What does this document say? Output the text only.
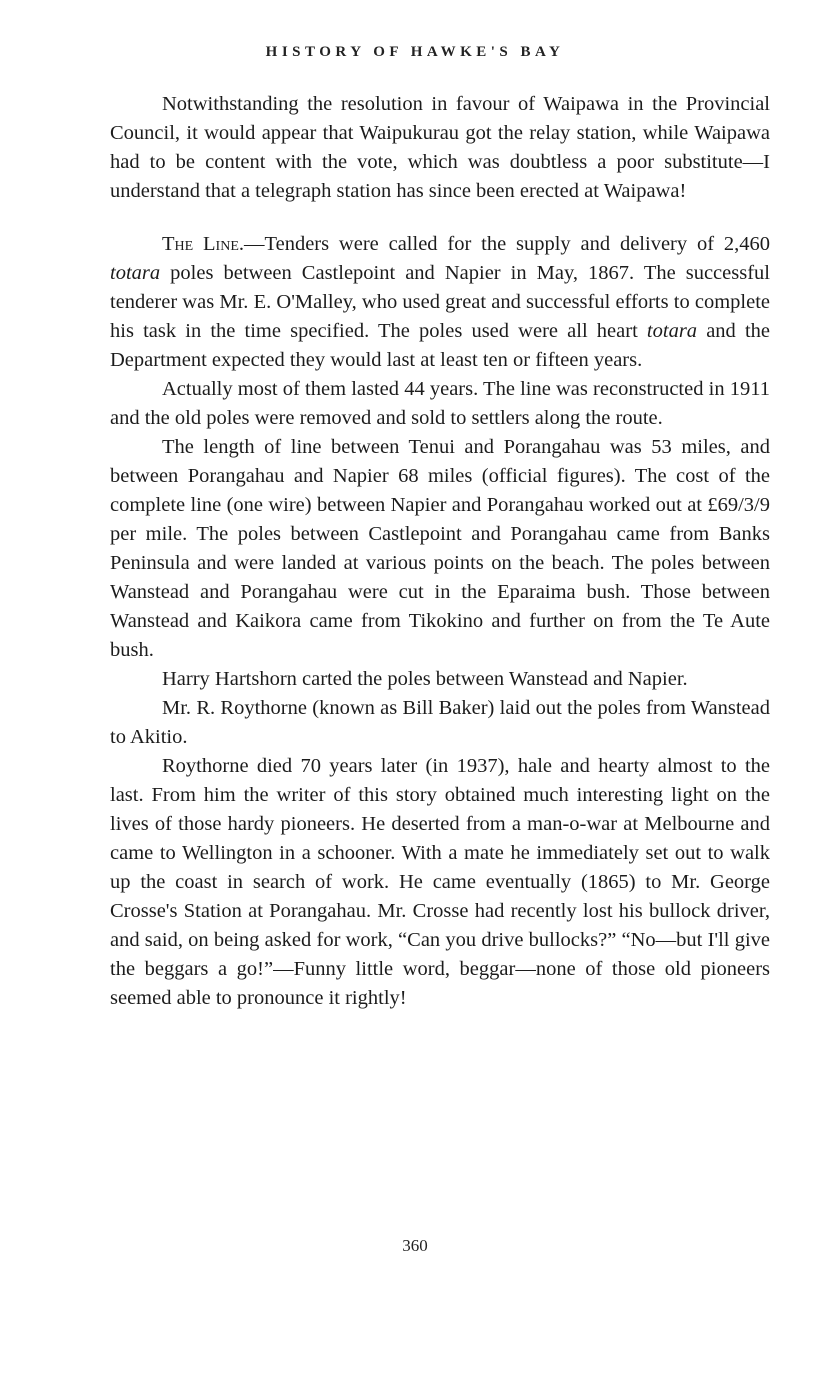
HISTORY OF HAWKE'S BAY

Notwithstanding the resolution in favour of Waipawa in the Provincial Council, it would appear that Waipukurau got the relay station, while Waipawa had to be content with the vote, which was doubtless a poor substitute—I understand that a telegraph station has since been erected at Waipawa!

The Line.—Tenders were called for the supply and delivery of 2,460 totara poles between Castlepoint and Napier in May, 1867. The successful tenderer was Mr. E. O'Malley, who used great and successful efforts to complete his task in the time specified. The poles used were all heart totara and the Department expected they would last at least ten or fifteen years.

Actually most of them lasted 44 years. The line was reconstructed in 1911 and the old poles were removed and sold to settlers along the route.

The length of line between Tenui and Porangahau was 53 miles, and between Porangahau and Napier 68 miles (official figures). The cost of the complete line (one wire) between Napier and Porangahau worked out at £69/3/9 per mile. The poles between Castlepoint and Porangahau came from Banks Peninsula and were landed at various points on the beach. The poles between Wanstead and Porangahau were cut in the Eparaima bush. Those between Wanstead and Kaikora came from Tikokino and further on from the Te Aute bush.

Harry Hartshorn carted the poles between Wanstead and Napier.

Mr. R. Roythorne (known as Bill Baker) laid out the poles from Wanstead to Akitio.

Roythorne died 70 years later (in 1937), hale and hearty almost to the last. From him the writer of this story obtained much interesting light on the lives of those hardy pioneers. He deserted from a man-o-war at Melbourne and came to Wellington in a schooner. With a mate he immediately set out to walk up the coast in search of work. He came eventually (1865) to Mr. George Crosse's Station at Porangahau. Mr. Crosse had recently lost his bullock driver, and said, on being asked for work, “Can you drive bullocks?” “No—but I'll give the beggars a go!”—Funny little word, beggar—none of those old pioneers seemed able to pronounce it rightly!

360
